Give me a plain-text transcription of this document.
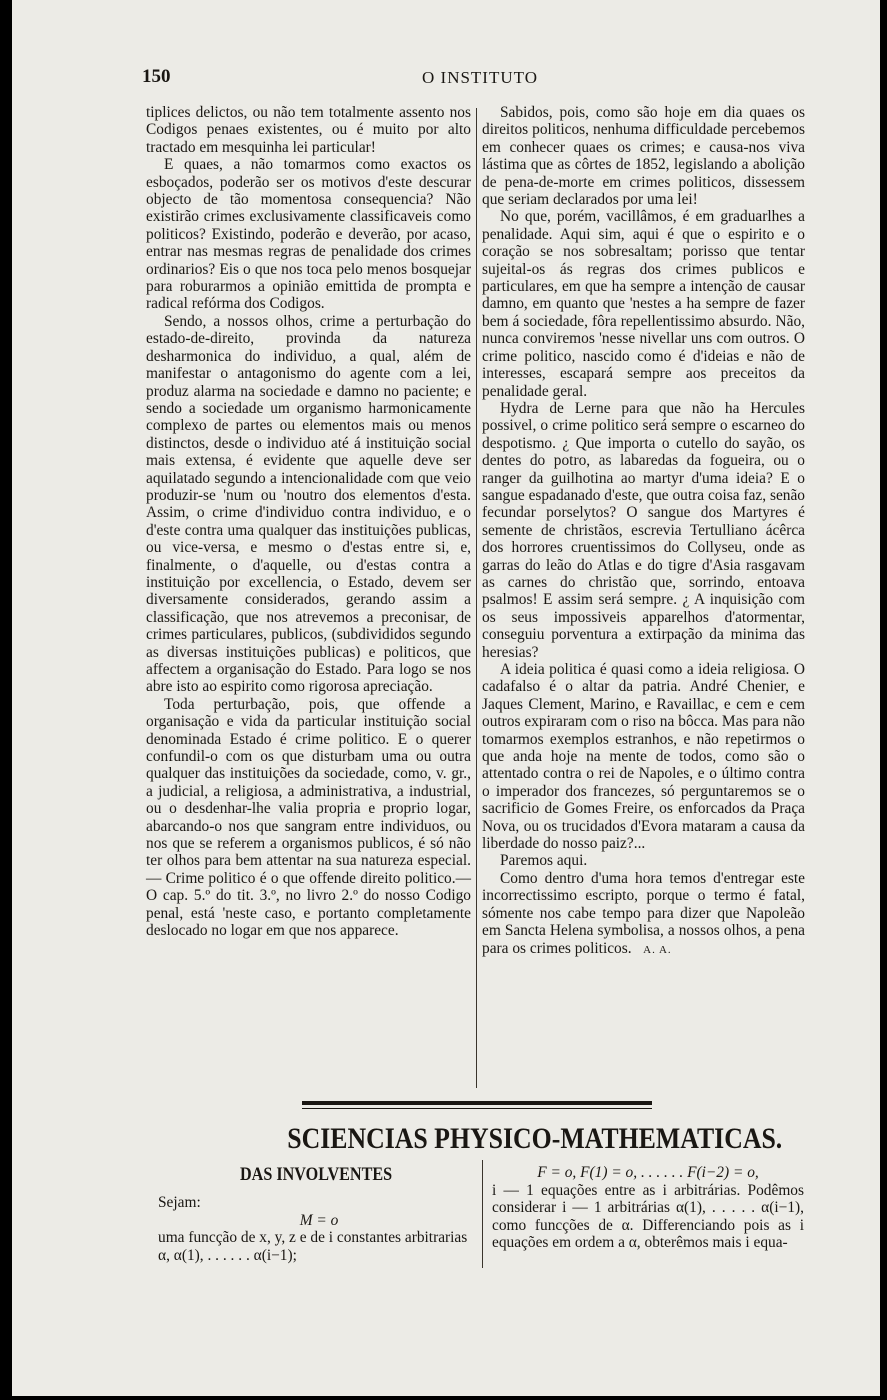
150	O INSTITUTO

tiplices delictos, ou não tem totalmente assento nos Codigos penaes existentes, ou é muito por alto tractado em mesquinha lei particular!

E quaes, a não tomarmos como exactos os esboçados, poderão ser os motivos d'este descurar objecto de tão momentosa consequencia? Não existirão crimes exclusivamente classificaveis como politicos? Existindo, poderão e deverão, por acaso, entrar nas mesmas regras de penalidade dos crimes ordinarios? Eis o que nos toca pelo menos bosquejar para roburarmos a opinião emittida de prompta e radical refórma dos Codigos.

Sendo, a nossos olhos, crime a perturbação do estado-de-direito, provinda da natureza desharmonica do individuo, a qual, além de manifestar o antagonismo do agente com a lei, produz alarma na sociedade e damno no paciente; e sendo a sociedade um organismo harmonicamente complexo de partes ou elementos mais ou menos distinctos, desde o individuo até á instituição social mais extensa, é evidente que aquelle deve ser aquilatado segundo a intencionalidade com que veio produzir-se 'num ou 'noutro dos elementos d'esta. Assim, o crime d'individuo contra individuo, e o d'este contra uma qualquer das instituições publicas, ou vice-versa, e mesmo o d'estas entre si, e, finalmente, o d'aquelle, ou d'estas contra a instituição por excellencia, o Estado, devem ser diversamente considerados, gerando assim a classificação, que nos atrevemos a preconisar, de crimes particulares, publicos, (subdivididos segundo as diversas instituições publicas) e politicos, que affectem a organisação do Estado. Para logo se nos abre isto ao espirito como rigorosa apreciação.

Toda perturbação, pois, que offende a organisação e vida da particular instituição social denominada Estado é crime politico. E o querer confundil-o com os que disturbam uma ou outra qualquer das instituições da sociedade, como, v. gr., a judicial, a religiosa, a administrativa, a industrial, ou o desdenhar-lhe valia propria e proprio logar, abarcando-o nos que sangram entre individuos, ou nos que se referem a organismos publicos, é só não ter olhos para bem attentar na sua natureza especial.— Crime politico é o que offende direito politico.— O cap. 5.º do tit. 3.º, no livro 2.º do nosso Codigo penal, está 'neste caso, e portanto completamente deslocado no logar em que nos apparece.

Sabidos, pois, como são hoje em dia quaes os direitos politicos, nenhuma difficuldade percebemos em conhecer quaes os crimes; e causa-nos viva lástima que as côrtes de 1852, legislando a abolição de pena-de-morte em crimes politicos, dissessem que seriam declarados por uma lei!

No que, porém, vacillâmos, é em graduarlhes a penalidade. Aqui sim, aqui é que o espirito e o coração se nos sobresaltam; porisso que tentar sujeital-os ás regras dos crimes publicos e particulares, em que ha sempre a intenção de causar damno, em quanto que 'nestes a ha sempre de fazer bem á sociedade, fôra repellentissimo absurdo. Não, nunca conviremos 'nesse nivellar uns com outros. O crime politico, nascido como é d'ideias e não de interesses, escapará sempre aos preceitos da penalidade geral.

Hydra de Lerne para que não ha Hercules possivel, o crime politico será sempre o escarneo do despotismo. ¿ Que importa o cutello do sayão, os dentes do potro, as labaredas da fogueira, ou o ranger da guilhotina ao martyr d'uma ideia? E o sangue espadanado d'este, que outra coisa faz, senão fecundar porselytos? O sangue dos Martyres é semente de christãos, escrevia Tertulliano ácêrca dos horrores cruentissimos do Collyseu, onde as garras do leão do Atlas e do tigre d'Asia rasgavam as carnes do christão que, sorrindo, entoava psalmos! E assim será sempre. ¿ A inquisição com os seus impossiveis apparelhos d'atormentar, conseguiu porventura a extirpação da minima das heresias?

A ideia politica é quasi como a ideia religiosa. O cadafalso é o altar da patria. André Chenier, e Jaques Clement, Marino, e Ravaillac, e cem e cem outros expiraram com o riso na bôcca. Mas para não tomarmos exemplos estranhos, e não repetirmos o que anda hoje na mente de todos, como são o attentado contra o rei de Napoles, e o último contra o imperador dos francezes, só perguntaremos se o sacrificio de Gomes Freire, os enforcados da Praça Nova, ou os trucidados d'Evora mataram a causa da liberdade do nosso paiz?...

Paremos aqui.

Como dentro d'uma hora temos d'entregar este incorrectissimo escripto, porque o termo é fatal, sómente nos cabe tempo para dizer que Napoleão em Sancta Helena symbolisa, a nossos olhos, a pena para os crimes politicos. A. A.

SCIENCIAS PHYSICO-MATHEMATICAS.
DAS INVOLVENTES
Sejam:
M = o
uma funcção de x, y, z e de i constantes arbitrarias α, α(1), . . . . . . α(i−1);
F = o, F(1) = o, . . . . . . F(i−2) = o,
i — 1 equações entre as i arbitrárias. Podêmos considerar i — 1 arbitrárias α(1), . . . . . α(i−1), como funcções de α. Differenciando pois as i equações em ordem a α, obterêmos mais i equa-
